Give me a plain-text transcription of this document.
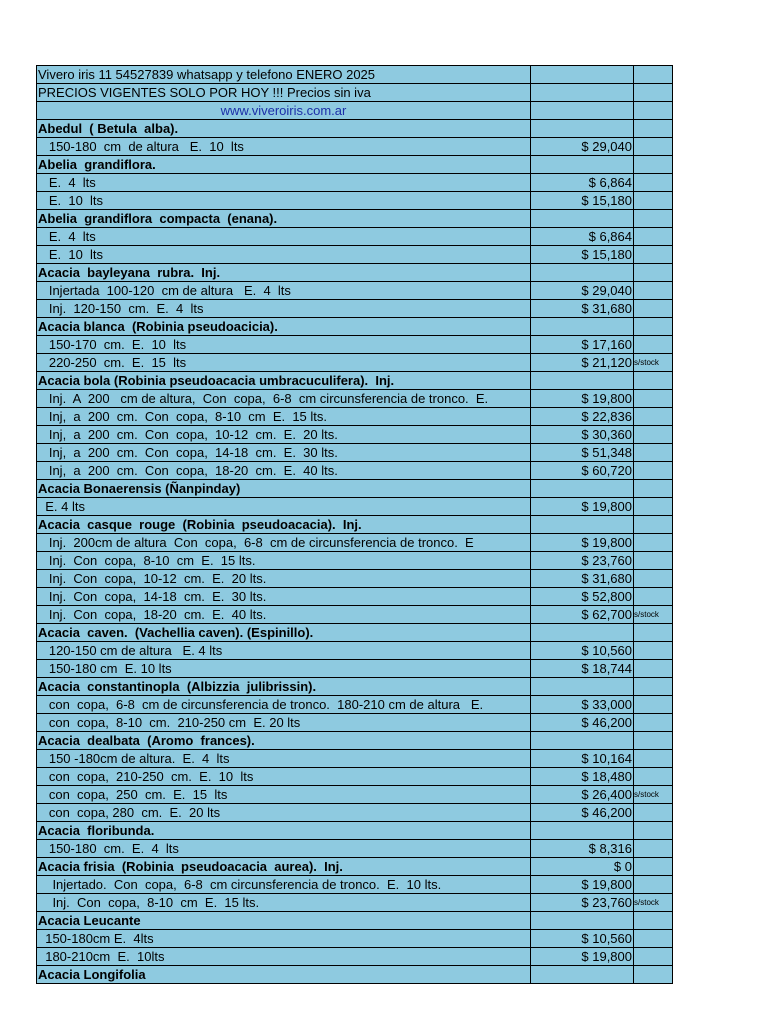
Vivero iris 11 54527839 whatsapp y telefono ENERO 2025		
PRECIOS VIGENTES SOLO POR HOY !!! Precios sin iva		
www.viveroiris.com.ar		
Abedul  ( Betula  alba).		
150-180  cm  de altura   E.  10  lts	$ 29,040	
Abelia  grandiflora.		
E.  4  lts	$ 6,864	
E.  10  lts	$ 15,180	
Abelia  grandiflora  compacta  (enana).		
E.  4  lts	$ 6,864	
E.  10  lts	$ 15,180	
Acacia  bayleyana  rubra.  Inj.		
Injertada  100-120  cm de altura   E.  4  lts	$ 29,040	
Inj.  120-150  cm.  E.  4  lts	$ 31,680	
Acacia blanca  (Robinia pseudoacicia).		
150-170  cm.  E.  10  lts	$ 17,160	
220-250  cm.  E.  15  lts	$ 21,120	s/stock

Acacia bola (Robinia pseudoacacia umbracuculifera).  Inj.		
Inj.  A  200   cm de altura,  Con  copa,  6-8  cm circunsferencia de tronco.  E.	$ 19,800	
Inj,  a  200  cm.  Con  copa,  8-10  cm  E.  15 lts.	$ 22,836	
Inj,  a  200  cm.  Con  copa,  10-12  cm.  E.  20 lts.	$ 30,360	
Inj,  a  200  cm.  Con  copa,  14-18  cm.  E.  30 lts.	$ 51,348	
Inj,  a  200  cm.  Con  copa,  18-20  cm.  E.  40 lts.	$ 60,720	
Acacia Bonaerensis (Ñanpinday)		
E. 4 lts	$ 19,800	
Acacia  casque  rouge  (Robinia  pseudoacacia).  Inj.		
Inj.  200cm de altura  Con  copa,  6-8  cm de circunsferencia de tronco.  E	$ 19,800	
Inj.  Con  copa,  8-10  cm  E.  15 lts.	$ 23,760	
Inj.  Con  copa,  10-12  cm.  E.  20 lts.	$ 31,680	
Inj.  Con  copa,  14-18  cm.  E.  30 lts.	$ 52,800	
Inj.  Con  copa,  18-20  cm.  E.  40 lts.	$ 62,700	s/stock

Acacia  caven.  (Vachellia caven). (Espinillo).		
120-150 cm de altura   E. 4 lts	$ 10,560	
150-180 cm  E. 10 lts	$ 18,744	
Acacia  constantinopla  (Albizzia  julibrissin).		
con  copa,  6-8  cm de circunsferencia de tronco.  180-210 cm de altura   E.	$ 33,000	
con  copa,  8-10  cm.  210-250 cm  E. 20 lts	$ 46,200	
Acacia  dealbata  (Aromo  frances).		
150 -180cm de altura.  E.  4  lts	$ 10,164	
con  copa,  210-250  cm.  E.  10  lts	$ 18,480	
con  copa,  250  cm.  E.  15  lts	$ 26,400	s/stock

con  copa, 280  cm.  E.  20 lts	$ 46,200	
Acacia  floribunda.		
150-180  cm.  E.  4  lts	$ 8,316	
Acacia frisia  (Robinia  pseudoacacia  aurea).  Inj.	$ 0	
Injertado.  Con  copa,  6-8  cm circunsferencia de tronco.  E.  10 lts.	$ 19,800	
Inj.  Con  copa,  8-10  cm  E.  15 lts.	$ 23,760	s/stock

Acacia Leucante		
150-180cm E.  4lts	$ 10,560	
180-210cm  E.  10lts	$ 19,800	
Acacia Longifolia		
